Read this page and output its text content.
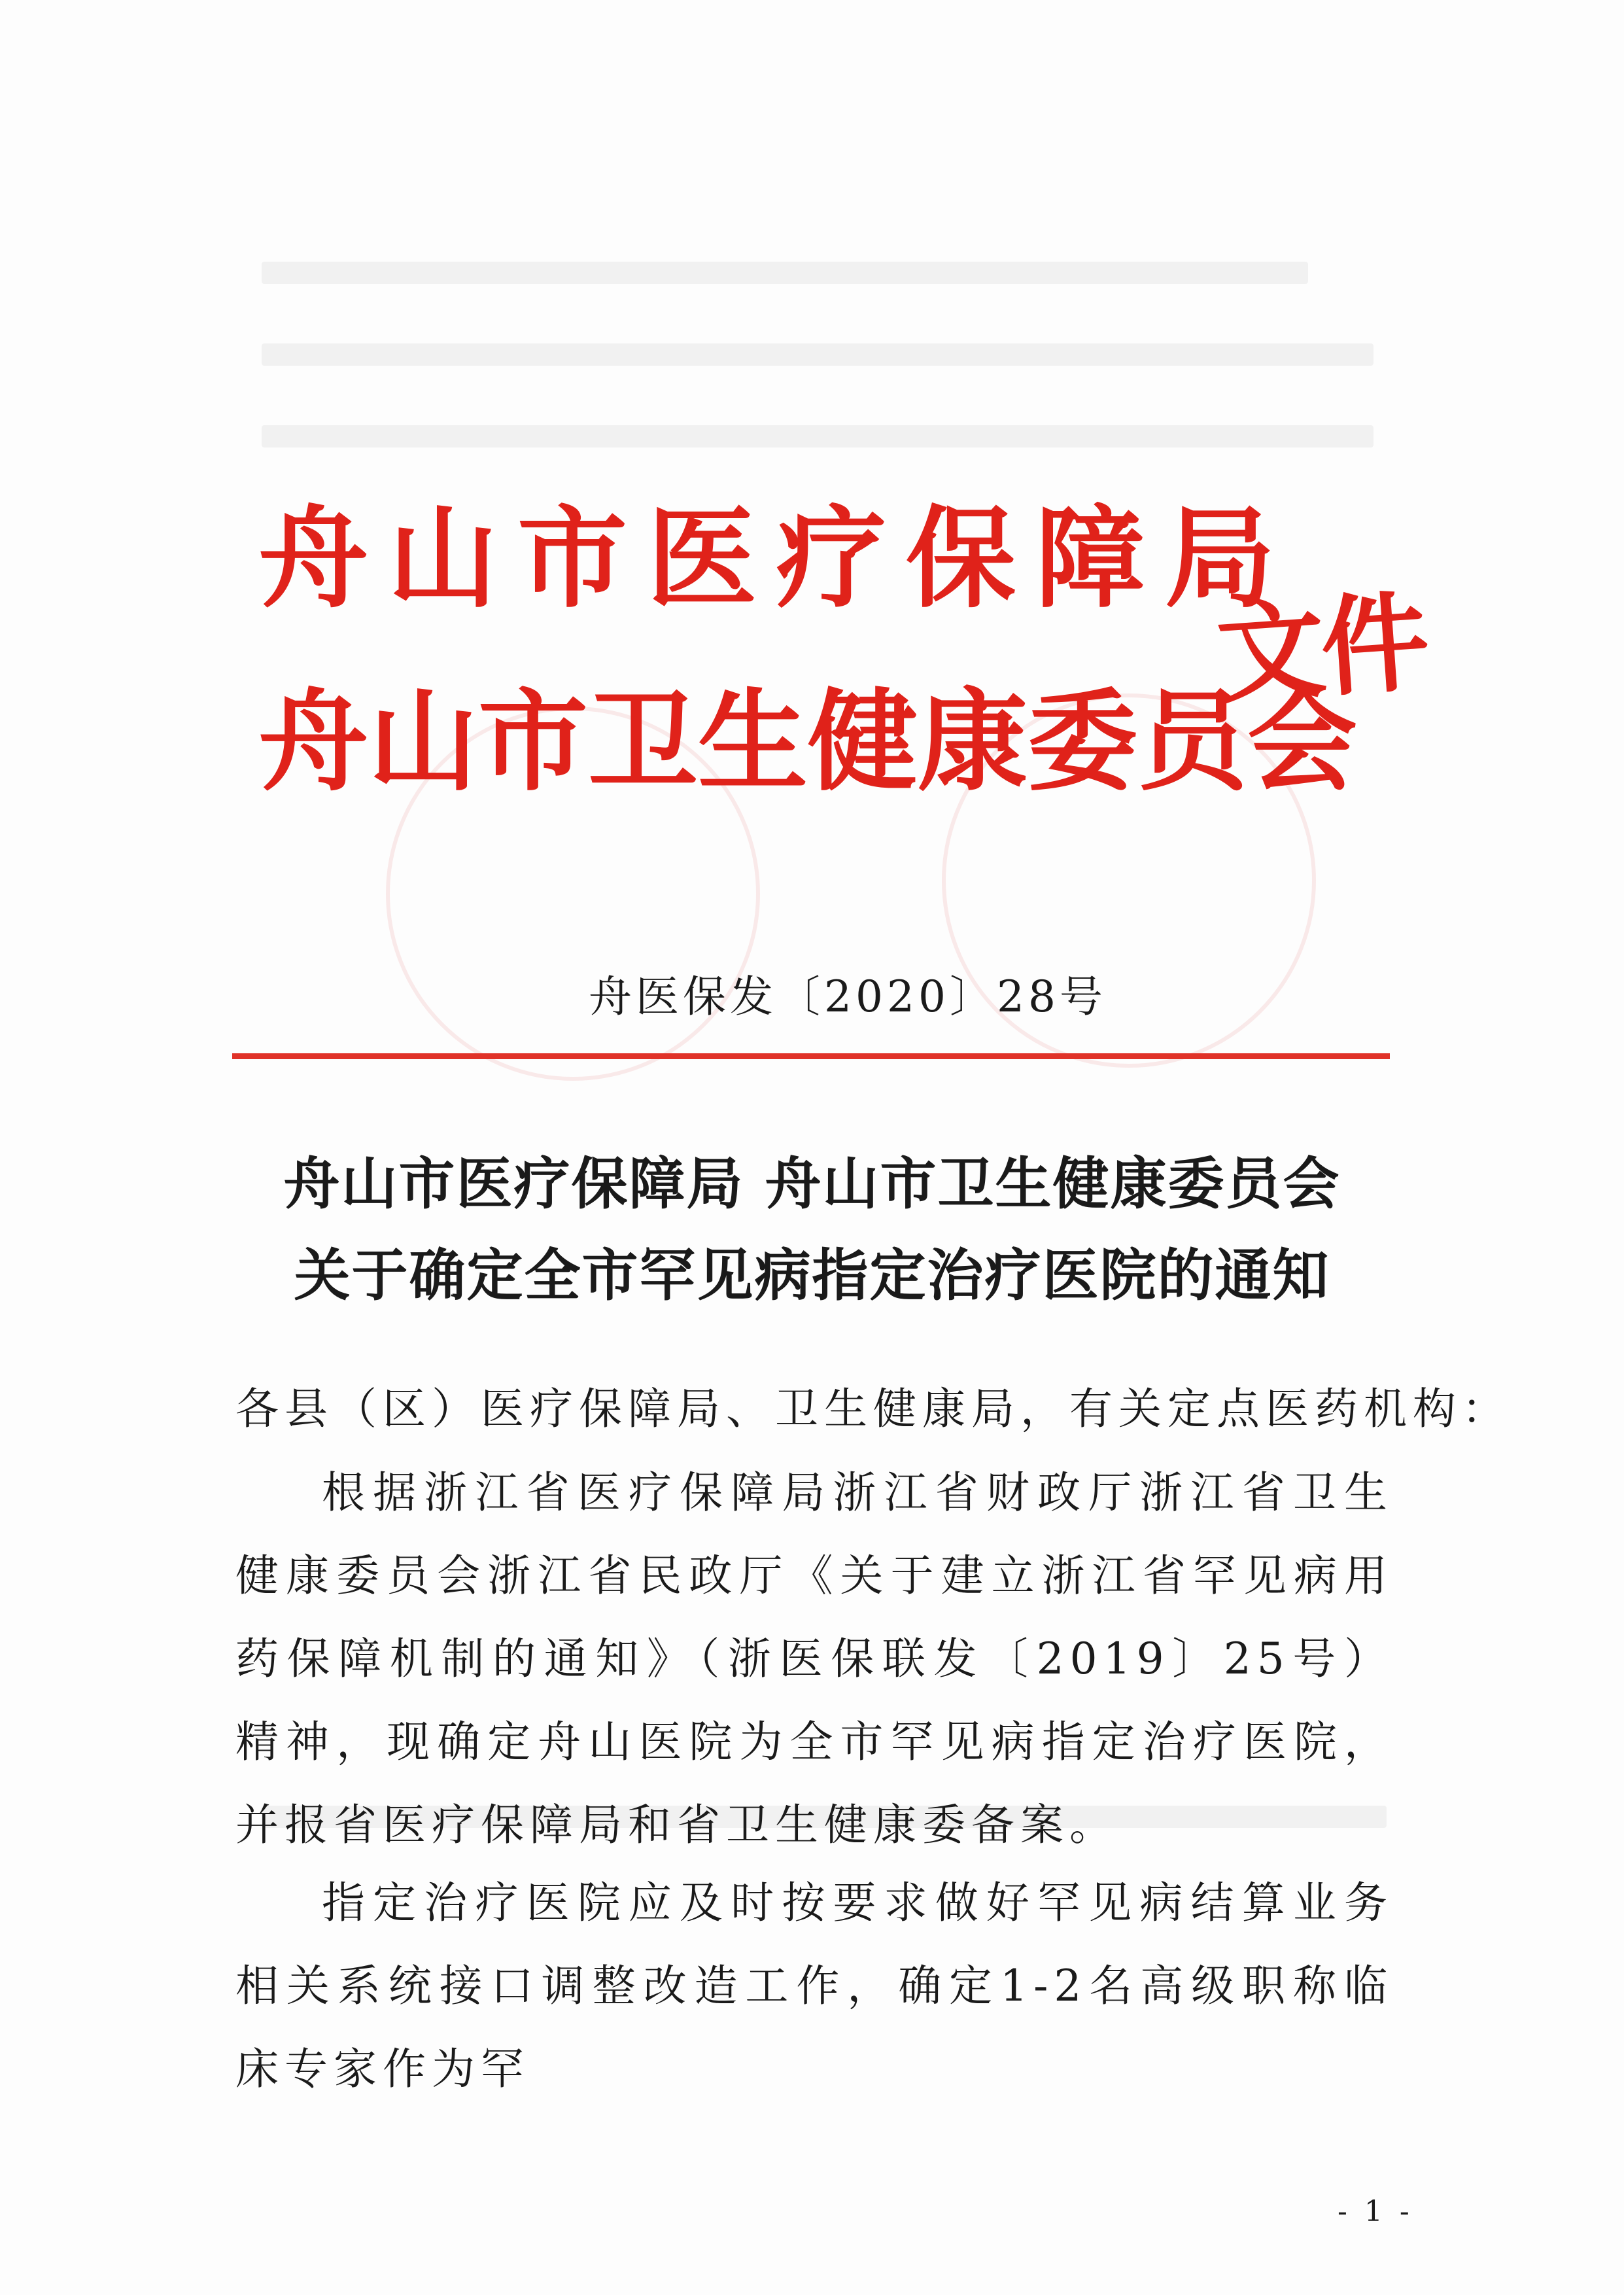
舟山市医疗保障局
舟山市卫生健康委员会
文件
舟医保发〔2020〕28号
舟山市医疗保障局 舟山市卫生健康委员会
关于确定全市罕见病指定治疗医院的通知
各县（区）医疗保障局、卫生健康局，有关定点医药机构：

根据浙江省医疗保障局浙江省财政厅浙江省卫生健康委员会浙江省民政厅《关于建立浙江省罕见病用药保障机制的通知》（浙医保联发〔2019〕25号）精神，现确定舟山医院为全市罕见病指定治疗医院，并报省医疗保障局和省卫生健康委备案。

指定治疗医院应及时按要求做好罕见病结算业务相关系统接口调整改造工作，确定1-2名高级职称临床专家作为罕

- 1 -
